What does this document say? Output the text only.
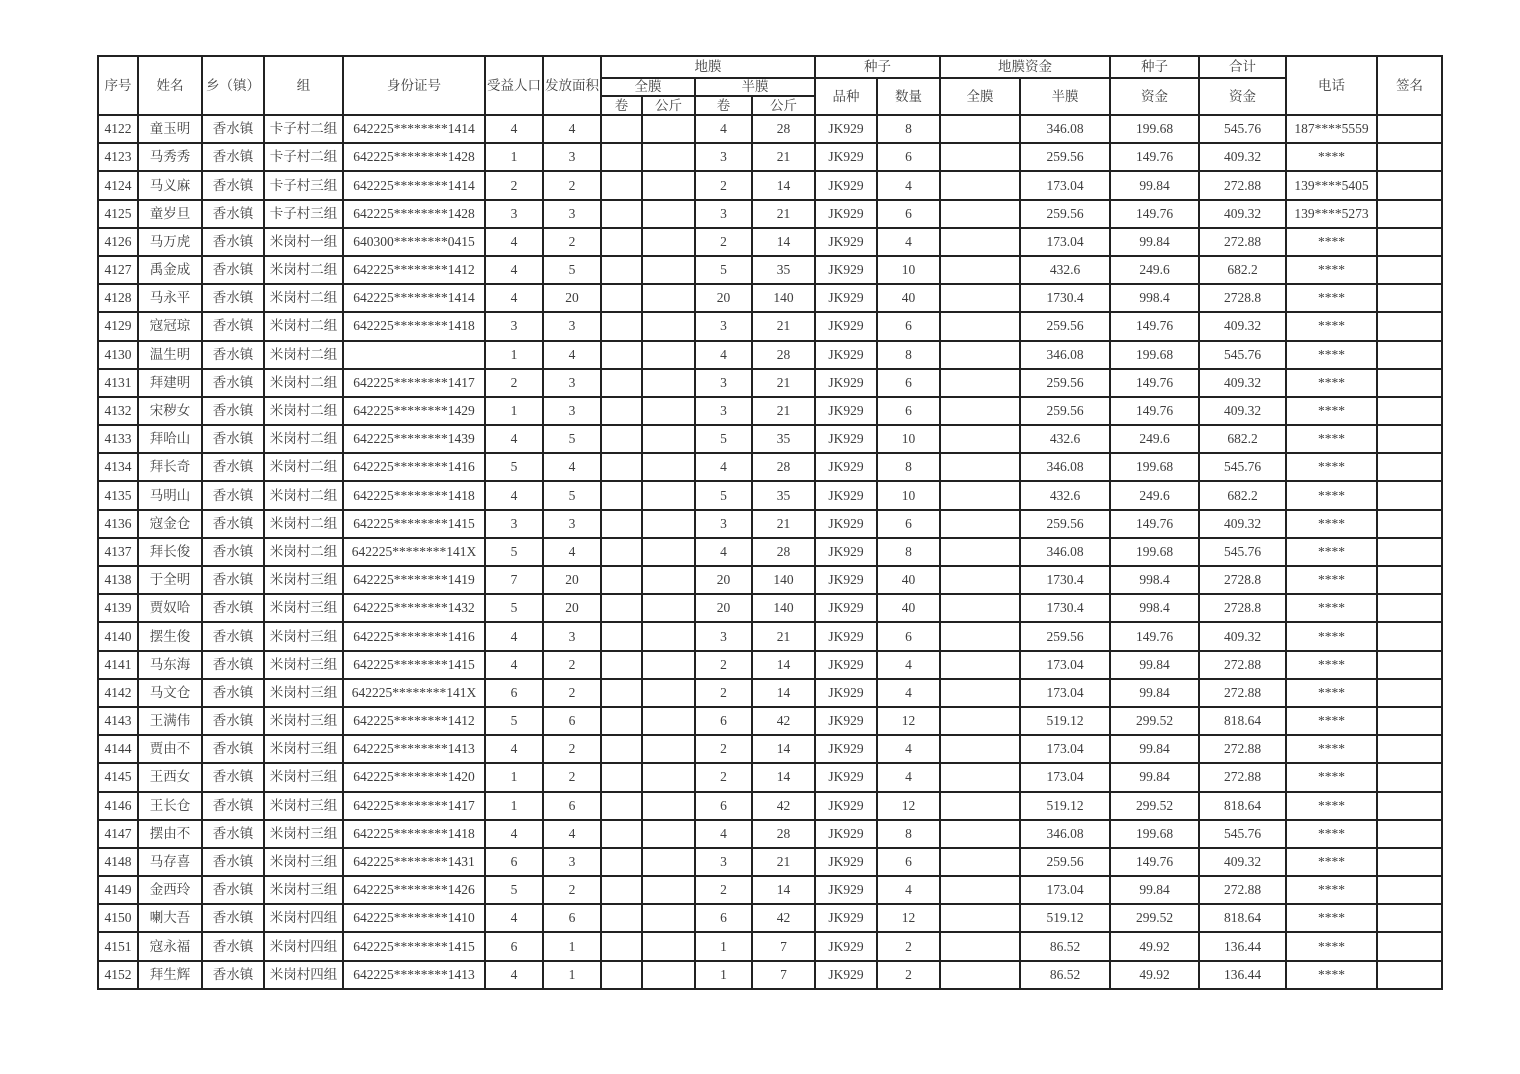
序号	姓名	乡（镇）	组	身份证号	受益人口	发放面积	地膜				种子		地膜资金		种子	合计	电话	签名
							全膜		半膜		品种	数量	全膜	半膜	资金	资金		
							卷	公斤	卷	公斤								
4122	童玉明	香水镇	卡子村二组	642225********1414	4	4			4	28	JK929	8		346.08	199.68	545.76	187****5559	
4123	马秀秀	香水镇	卡子村二组	642225********1428	1	3			3	21	JK929	6		259.56	149.76	409.32	****	
4124	马义麻	香水镇	卡子村三组	642225********1414	2	2			2	14	JK929	4		173.04	99.84	272.88	139****5405	
4125	童岁旦	香水镇	卡子村三组	642225********1428	3	3			3	21	JK929	6		259.56	149.76	409.32	139****5273	
4126	马万虎	香水镇	米岗村一组	640300********0415	4	2			2	14	JK929	4		173.04	99.84	272.88	****	
4127	禹金成	香水镇	米岗村二组	642225********1412	4	5			5	35	JK929	10		432.6	249.6	682.2	****	
4128	马永平	香水镇	米岗村二组	642225********1414	4	20			20	140	JK929	40		1730.4	998.4	2728.8	****	
4129	寇冠琼	香水镇	米岗村二组	642225********1418	3	3			3	21	JK929	6		259.56	149.76	409.32	****	
4130	温生明	香水镇	米岗村二组		1	4			4	28	JK929	8		346.08	199.68	545.76	****	
4131	拜建明	香水镇	米岗村二组	642225********1417	2	3			3	21	JK929	6		259.56	149.76	409.32	****	
4132	宋秽女	香水镇	米岗村二组	642225********1429	1	3			3	21	JK929	6		259.56	149.76	409.32	****	
4133	拜哈山	香水镇	米岗村二组	642225********1439	4	5			5	35	JK929	10		432.6	249.6	682.2	****	
4134	拜长奇	香水镇	米岗村二组	642225********1416	5	4			4	28	JK929	8		346.08	199.68	545.76	****	
4135	马明山	香水镇	米岗村二组	642225********1418	4	5			5	35	JK929	10		432.6	249.6	682.2	****	
4136	寇金仓	香水镇	米岗村二组	642225********1415	3	3			3	21	JK929	6		259.56	149.76	409.32	****	
4137	拜长俊	香水镇	米岗村二组	642225********141X	5	4			4	28	JK929	8		346.08	199.68	545.76	****	
4138	于全明	香水镇	米岗村三组	642225********1419	7	20			20	140	JK929	40		1730.4	998.4	2728.8	****	
4139	贾奴哈	香水镇	米岗村三组	642225********1432	5	20			20	140	JK929	40		1730.4	998.4	2728.8	****	
4140	摆生俊	香水镇	米岗村三组	642225********1416	4	3			3	21	JK929	6		259.56	149.76	409.32	****	
4141	马东海	香水镇	米岗村三组	642225********1415	4	2			2	14	JK929	4		173.04	99.84	272.88	****	
4142	马文仓	香水镇	米岗村三组	642225********141X	6	2			2	14	JK929	4		173.04	99.84	272.88	****	
4143	王满伟	香水镇	米岗村三组	642225********1412	5	6			6	42	JK929	12		519.12	299.52	818.64	****	
4144	贾由不	香水镇	米岗村三组	642225********1413	4	2			2	14	JK929	4		173.04	99.84	272.88	****	
4145	王西女	香水镇	米岗村三组	642225********1420	1	2			2	14	JK929	4		173.04	99.84	272.88	****	
4146	王长仓	香水镇	米岗村三组	642225********1417	1	6			6	42	JK929	12		519.12	299.52	818.64	****	
4147	摆由不	香水镇	米岗村三组	642225********1418	4	4			4	28	JK929	8		346.08	199.68	545.76	****	
4148	马存喜	香水镇	米岗村三组	642225********1431	6	3			3	21	JK929	6		259.56	149.76	409.32	****	
4149	金西玲	香水镇	米岗村三组	642225********1426	5	2			2	14	JK929	4		173.04	99.84	272.88	****	
4150	喇大吾	香水镇	米岗村四组	642225********1410	4	6			6	42	JK929	12		519.12	299.52	818.64	****	
4151	寇永福	香水镇	米岗村四组	642225********1415	6	1			1	7	JK929	2		86.52	49.92	136.44	****	
4152	拜生辉	香水镇	米岗村四组	642225********1413	4	1			1	7	JK929	2		86.52	49.92	136.44	****	
